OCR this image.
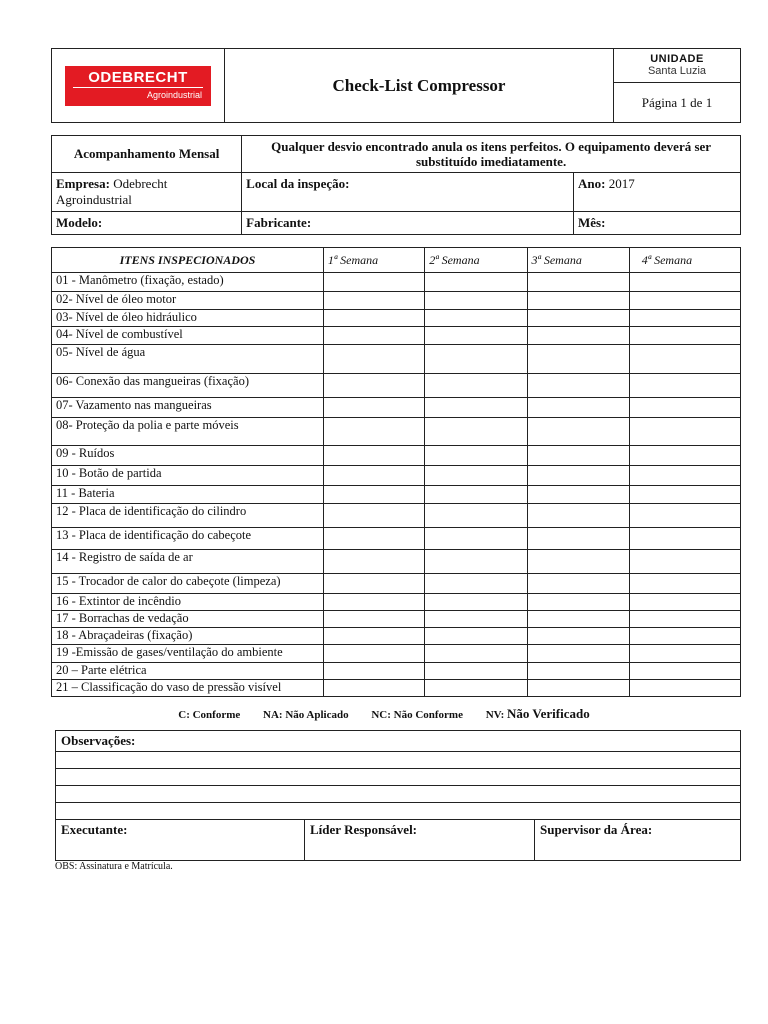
ODEBRECHT
Agroindustrial	Check-List Compressor	
UNIDADE
Santa Luzia

Página 1 de 1
Acompanhamento Mensal	Qualquer desvio encontrado anula os itens perfeitos. O equipamento deverá ser substituído imediatamente.	
Empresa: Odebrecht Agroindustrial	Local da inspeção:	Ano: 2017
Modelo:	Fabricante:	Mês:
ITENS INSPECIONADOS	1ª Semana	2ª Semana	3ª Semana	4ª Semana
01 - Manômetro (fixação, estado)				
02- Nível de óleo motor				
03- Nível de óleo hidráulico				
04- Nível de combustível				
05- Nível de água				
06- Conexão das mangueiras (fixação)				
07- Vazamento nas mangueiras				
08- Proteção da polia e parte móveis				
09 - Ruídos				
10 - Botão de partida				
11 - Bateria				
12 - Placa de identificação do cilindro				
13 - Placa de identificação do cabeçote				
14 - Registro de saída de ar				
15 - Trocador de calor do cabeçote (limpeza)				
16 - Extintor de incêndio				
17 - Borrachas de vedação				
18 - Abraçadeiras (fixação)				
19 -Emissão de gases/ventilação do ambiente				
20 – Parte elétrica				
21 – Classificação do vaso de pressão visível				
C: Conforme NA: Não Aplicado NC: Não Conforme NV: Não Verificado
Observações:

Executante:	Líder Responsável:	Supervisor da Área:
OBS: Assinatura e Matrícula.
